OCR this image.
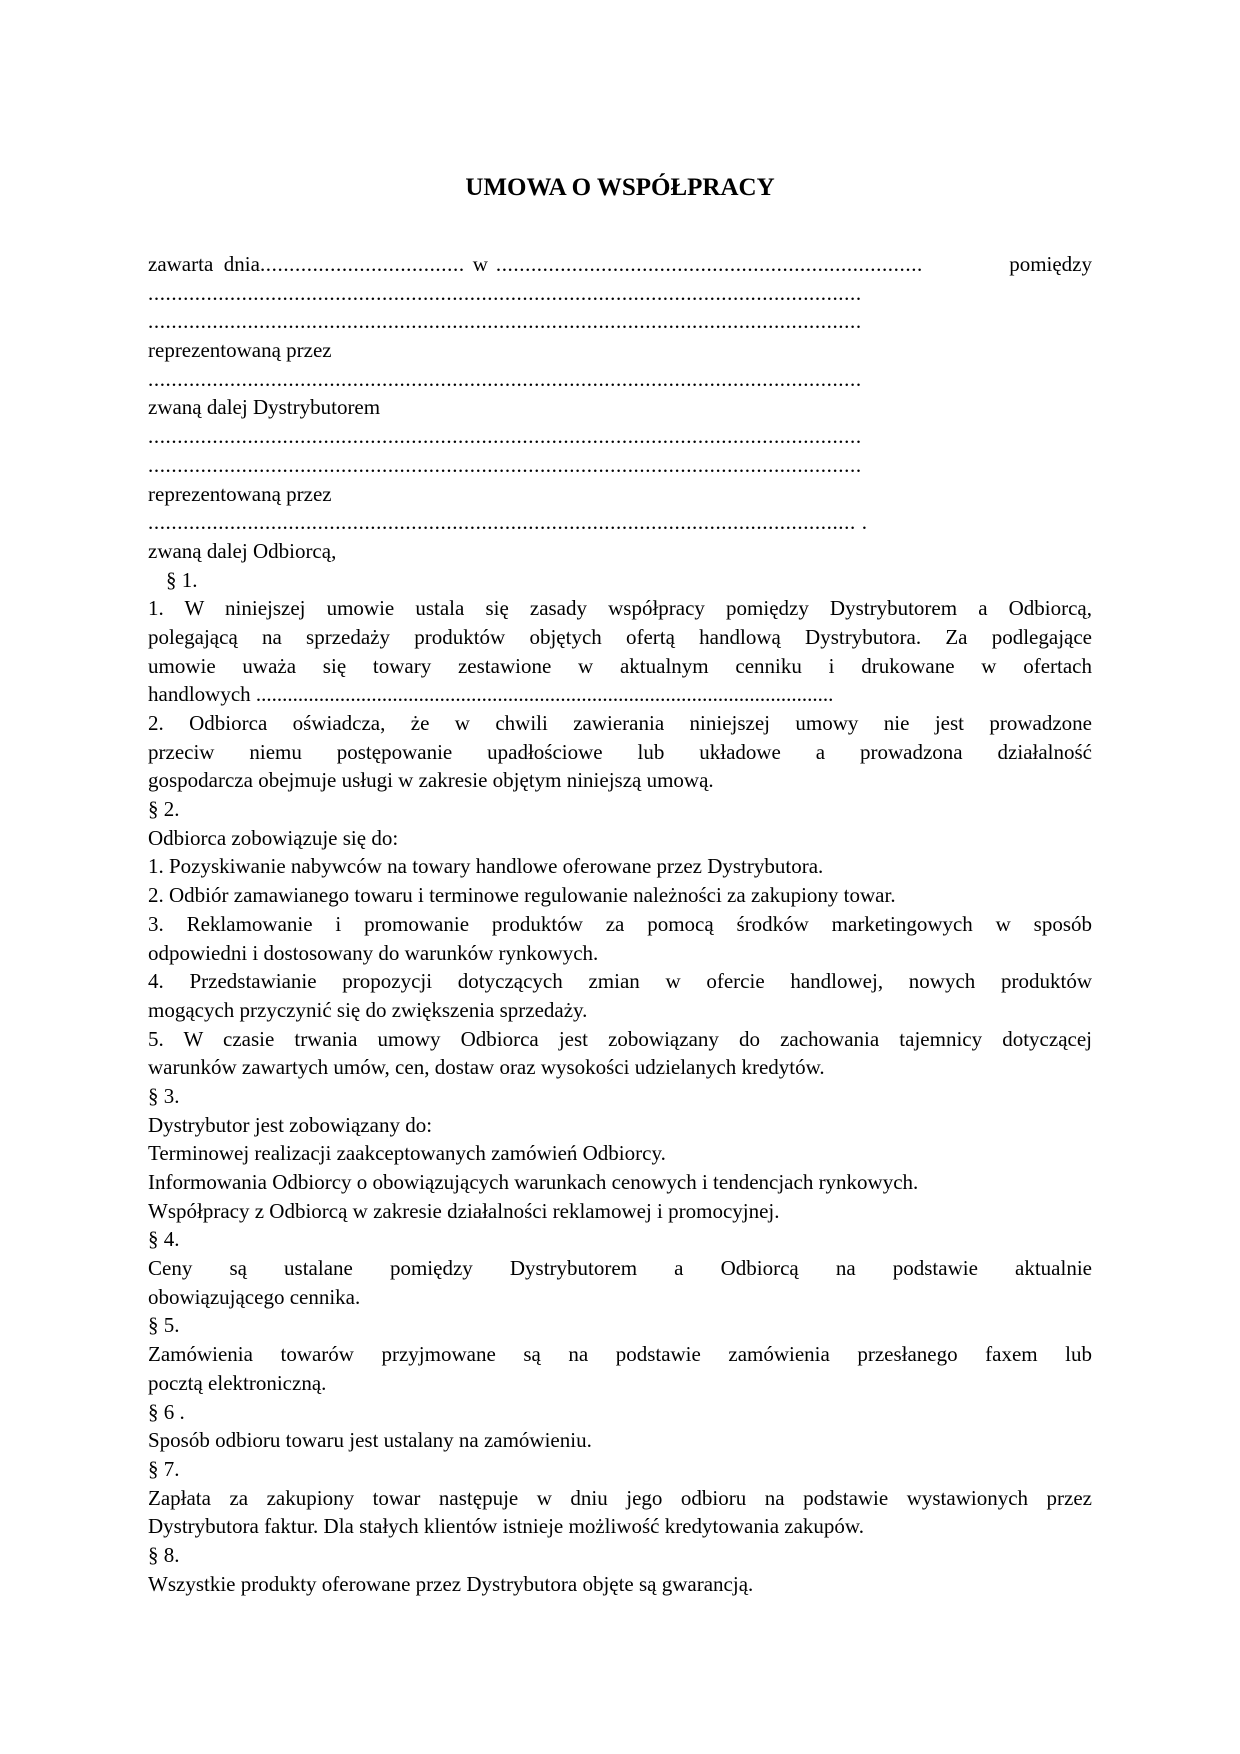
UMOWA O WSPÓŁPRACY
zawarta  dnia ................................... w .........................................................................	pomiędzy
..........................................................................................................................
..........................................................................................................................
reprezentowaną przez
..........................................................................................................................
zwaną dalej Dystrybutorem
..........................................................................................................................
..........................................................................................................................
reprezentowaną przez
......................................................................................................................... .
zwaną dalej Odbiorcą,
§ 1.
1. W niniejszej umowie ustala się zasady współpracy pomiędzy Dystrybutorem a Odbiorcą,
polegającą na sprzedaży produktów objętych ofertą handlową Dystrybutora. Za podlegające
umowie uważa się towary zestawione w aktualnym cenniku i drukowane w ofertach
handlowych ..............................................................................................................
2. Odbiorca oświadcza, że w chwili zawierania niniejszej umowy nie jest prowadzone
przeciw niemu postępowanie upadłościowe lub układowe a prowadzona działalność
gospodarcza obejmuje usługi w zakresie objętym niniejszą umową.
§ 2.
Odbiorca zobowiązuje się do:
1. Pozyskiwanie nabywców na towary handlowe oferowane przez Dystrybutora.
2. Odbiór zamawianego towaru i terminowe regulowanie należności za zakupiony towar.
3. Reklamowanie i promowanie produktów za pomocą środków marketingowych w sposób
odpowiedni i dostosowany do warunków rynkowych.
4. Przedstawianie propozycji dotyczących zmian w ofercie handlowej, nowych produktów
mogących przyczynić się do zwiększenia sprzedaży.
5. W czasie trwania umowy Odbiorca jest zobowiązany do zachowania tajemnicy dotyczącej
warunków zawartych umów, cen, dostaw oraz wysokości udzielanych kredytów.
§ 3.
Dystrybutor jest zobowiązany do:
Terminowej realizacji zaakceptowanych zamówień Odbiorcy.
Informowania Odbiorcy o obowiązujących warunkach cenowych i tendencjach rynkowych.
Współpracy z Odbiorcą w zakresie działalności reklamowej i promocyjnej.
§ 4.
Ceny są ustalane pomiędzy Dystrybutorem a Odbiorcą na podstawie aktualnie
obowiązującego cennika.
§ 5.
Zamówienia towarów przyjmowane są na podstawie zamówienia przesłanego faxem lub
pocztą elektroniczną.
§ 6 .
Sposób odbioru towaru jest ustalany na zamówieniu.
§ 7.
Zapłata za zakupiony towar następuje w dniu jego odbioru na podstawie wystawionych przez
Dystrybutora faktur. Dla stałych klientów istnieje możliwość kredytowania zakupów.
§ 8.
Wszystkie produkty oferowane przez Dystrybutora objęte są gwarancją.
